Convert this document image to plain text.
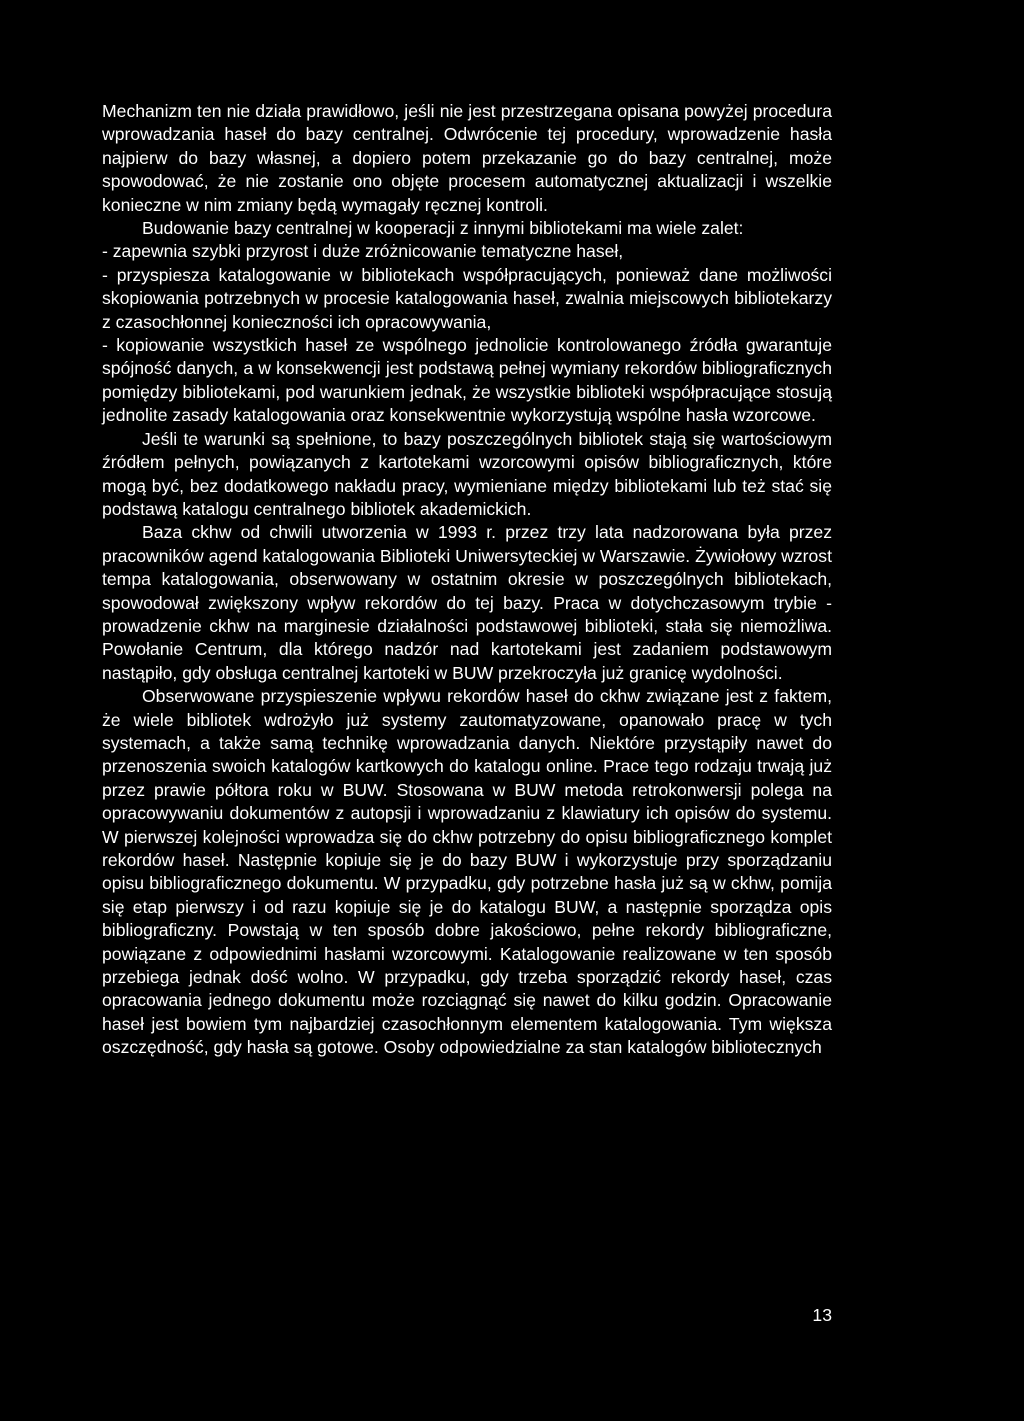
Mechanizm ten nie działa prawidłowo, jeśli nie jest przestrzegana opisana powyżej procedura wprowadzania haseł do bazy centralnej. Odwrócenie tej procedury, wprowadzenie hasła najpierw do bazy własnej, a dopiero potem przekazanie go do bazy centralnej, może spowodować, że nie zostanie ono objęte procesem automatycznej aktualizacji i wszelkie konieczne w nim zmiany będą wymagały ręcznej kontroli.

Budowanie bazy centralnej w kooperacji z innymi bibliotekami ma wiele zalet:

- zapewnia szybki przyrost i duże zróżnicowanie tematyczne haseł,

- przyspiesza katalogowanie w bibliotekach współpracujących, ponieważ dane możliwości skopiowania potrzebnych w procesie katalogowania haseł, zwalnia miejscowych bibliotekarzy z czasochłonnej konieczności ich opracowywania,

- kopiowanie wszystkich haseł ze wspólnego jednolicie kontrolowanego źródła gwarantuje spójność danych, a w konsekwencji jest podstawą pełnej wymiany rekordów bibliograficznych pomiędzy bibliotekami, pod warunkiem jednak, że wszystkie biblioteki współpracujące stosują jednolite zasady katalogowania oraz konsekwentnie wykorzystują wspólne hasła wzorcowe.

Jeśli te warunki są spełnione, to bazy poszczególnych bibliotek stają się wartościowym źródłem pełnych, powiązanych z kartotekami wzorcowymi opisów bibliograficznych, które mogą być, bez dodatkowego nakładu pracy, wymieniane między bibliotekami lub też stać się podstawą katalogu centralnego bibliotek akademickich.

Baza ckhw od chwili utworzenia w 1993 r. przez trzy lata nadzorowana była przez pracowników agend katalogowania Biblioteki Uniwersyteckiej w Warszawie. Żywiołowy wzrost tempa katalogowania, obserwowany w ostatnim okresie w poszczególnych bibliotekach, spowodował zwiększony wpływ rekordów do tej bazy. Praca w dotychczasowym trybie - prowadzenie ckhw na marginesie działalności podstawowej biblioteki, stała się niemożliwa. Powołanie Centrum, dla którego nadzór nad kartotekami jest zadaniem podstawowym nastąpiło, gdy obsługa centralnej kartoteki w BUW przekroczyła już granicę wydolności.

Obserwowane przyspieszenie wpływu rekordów haseł do ckhw związane jest z faktem, że wiele bibliotek wdrożyło już systemy zautomatyzowane, opanowało pracę w tych systemach, a także samą technikę wprowadzania danych. Niektóre przystąpiły nawet do przenoszenia swoich katalogów kartkowych do katalogu online. Prace tego rodzaju trwają już przez prawie półtora roku w BUW. Stosowana w BUW metoda retrokonwersji polega na opracowywaniu dokumentów z autopsji i wprowadzaniu z klawiatury ich opisów do systemu. W pierwszej kolejności wprowadza się do ckhw potrzebny do opisu bibliograficznego komplet rekordów haseł. Następnie kopiuje się je do bazy BUW i wykorzystuje przy sporządzaniu opisu bibliograficznego dokumentu. W przypadku, gdy potrzebne hasła już są w ckhw, pomija się etap pierwszy i od razu kopiuje się je do katalogu BUW, a następnie sporządza opis bibliograficzny. Powstają w ten sposób dobre jakościowo, pełne rekordy bibliograficzne, powiązane z odpowiednimi hasłami wzorcowymi. Katalogowanie realizowane w ten sposób przebiega jednak dość wolno. W przypadku, gdy trzeba sporządzić rekordy haseł, czas opracowania jednego dokumentu może rozciągnąć się nawet do kilku godzin. Opracowanie haseł jest bowiem tym najbardziej czasochłonnym elementem katalogowania. Tym większa oszczędność, gdy hasła są gotowe. Osoby odpowiedzialne za stan katalogów bibliotecznych

13
